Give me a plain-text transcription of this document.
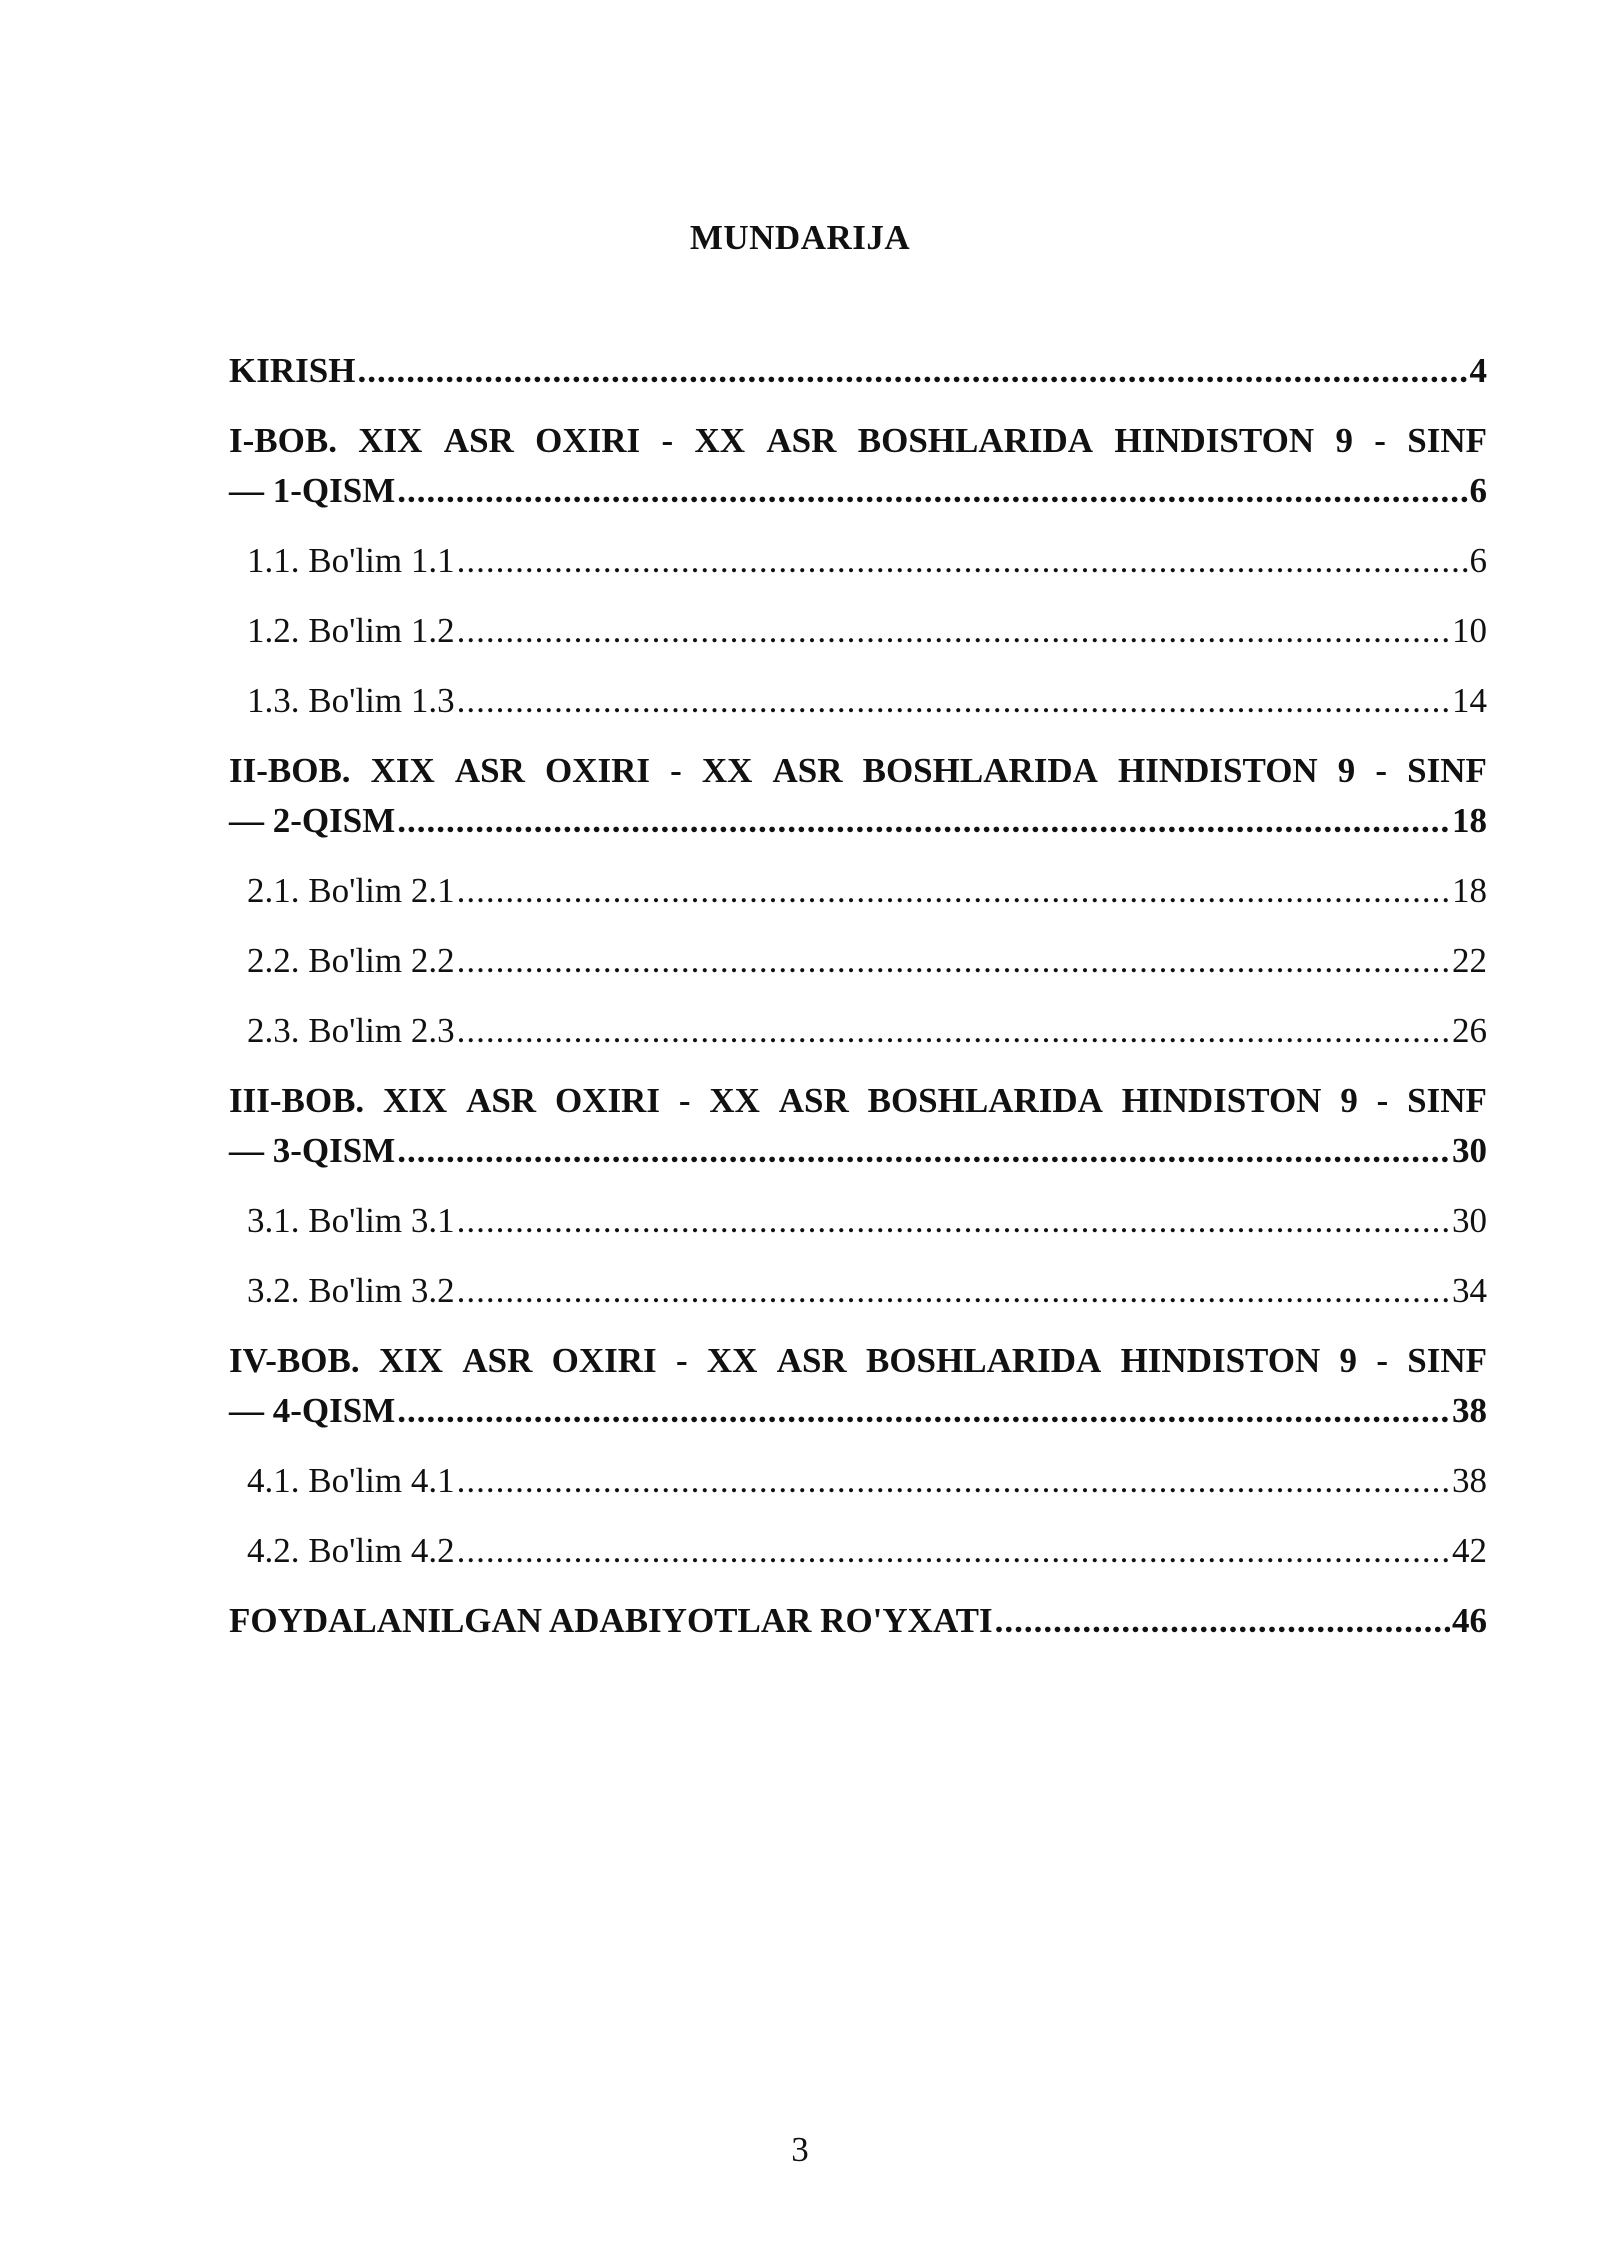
MUNDARIJA
KIRISH .....	4
I-BOB. XIX ASR OXIRI - XX ASR BOSHLARIDA HINDISTON 9 - SINF
— 1-QISM .....	6
1.1. Bo'lim 1.1 .....	6
1.2. Bo'lim 1.2 .....	10
1.3. Bo'lim 1.3 .....	14
II-BOB. XIX ASR OXIRI - XX ASR BOSHLARIDA HINDISTON 9 - SINF
— 2-QISM .....	18
2.1. Bo'lim 2.1 .....	18
2.2. Bo'lim 2.2 .....	22
2.3. Bo'lim 2.3 .....	26
III-BOB. XIX ASR OXIRI - XX ASR BOSHLARIDA HINDISTON 9 - SINF
— 3-QISM .....	30
3.1. Bo'lim 3.1 .....	30
3.2. Bo'lim 3.2 .....	34
IV-BOB. XIX ASR OXIRI - XX ASR BOSHLARIDA HINDISTON 9 - SINF
— 4-QISM .....	38
4.1. Bo'lim 4.1 .....	38
4.2. Bo'lim 4.2 .....	42
FOYDALANILGAN ADABIYOTLAR RO'YXATI .....	46
3
